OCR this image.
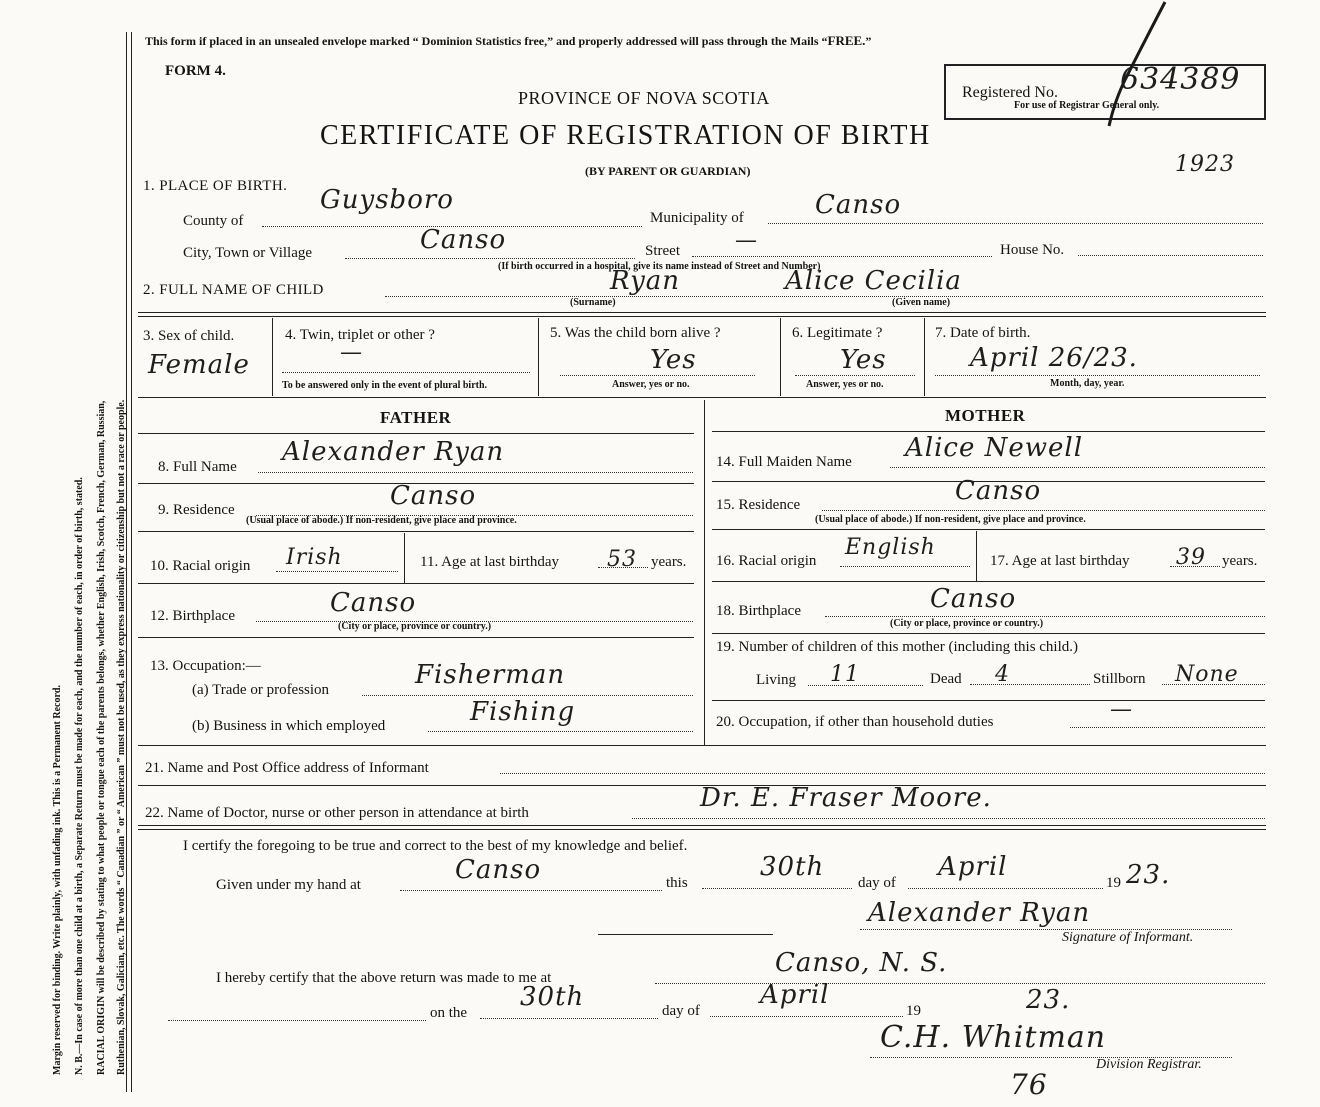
Margin reserved for binding. Write plainly, with unfading ink. This is a Permanent Record. N. B.—In case of more than one child at a birth, a Separate Return must be made for each, and the number of each, in order of birth, stated. RACIAL ORIGIN will be described by stating to what people or tongue each of the parents belongs, whether English, Irish, Scotch, French, German, Russian, Ruthenian, Slovak, Galician, etc. The words “ Canadian ” or “ American ” must not be used, as they express nationality or citizenship but not a race or people.
This form if placed in an unsealed envelope marked “ Dominion Statistics free,” and properly addressed will pass through the Mails “FREE.”
FORM 4.
PROVINCE OF NOVA SCOTIA
CERTIFICATE OF REGISTRATION OF BIRTH
(BY PARENT OR GUARDIAN)
Registered No. 634389
For use of Registrar General only.
1923
1. PLACE OF BIRTH.
County of
Guysboro
Municipality of	Canso
City, Town or Village	Canso	Street	—	House No.
(If birth occurred in a hospital, give its name instead of Street and Number)
2. FULL NAME OF CHILD	Ryan	Alice Cecilia
(Surname)	(Given name)
3. Sex of child.
Female
4. Twin, triplet or other ?
—
To be answered only in the event of plural birth.
5. Was the child born alive ?
Yes
Answer, yes or no.
6. Legitimate ?
Yes
Answer, yes or no.
7. Date of birth.
April 26/23.
Month, day, year.
FATHER	MOTHER
8. Full Name Alexander Ryan
9. Residence	Canso
(Usual place of abode.) If non-resident, give place and province.
10. Racial origin Irish	11. Age at last birthday 53 years.
12. Birthplace	Canso
(City or place, province or country.)
13. Occupation:—
(a) Trade or profession	Fisherman
(b) Business in which employed	Fishing
14. Full Maiden Name Alice Newell
15. Residence	Canso
(Usual place of abode.) If non-resident, give place and province.
16. Racial origin
English
17. Age at last birthday 39 years.
18. Birthplace	Canso
(City or place, province or country.)
19. Number of children of this mother (including this child.)
Living 11	Dead 4	Stillborn None
20. Occupation, if other than household duties	—
21. Name and Post Office address of Informant
22. Name of Doctor, nurse or other person in attendance at birth	Dr. E. Fraser Moore.
I certify the foregoing to be true and correct to the best of my knowledge and belief.
Given under my hand at	Canso	this
30th
day of
April
19 23.
Alexander Ryan
Signature of Informant.
I hereby certify that the above return was made to me at	Canso, N. S.
on the
30th	day of
April
19	23.
C.H. Whitman
Division Registrar.
76
